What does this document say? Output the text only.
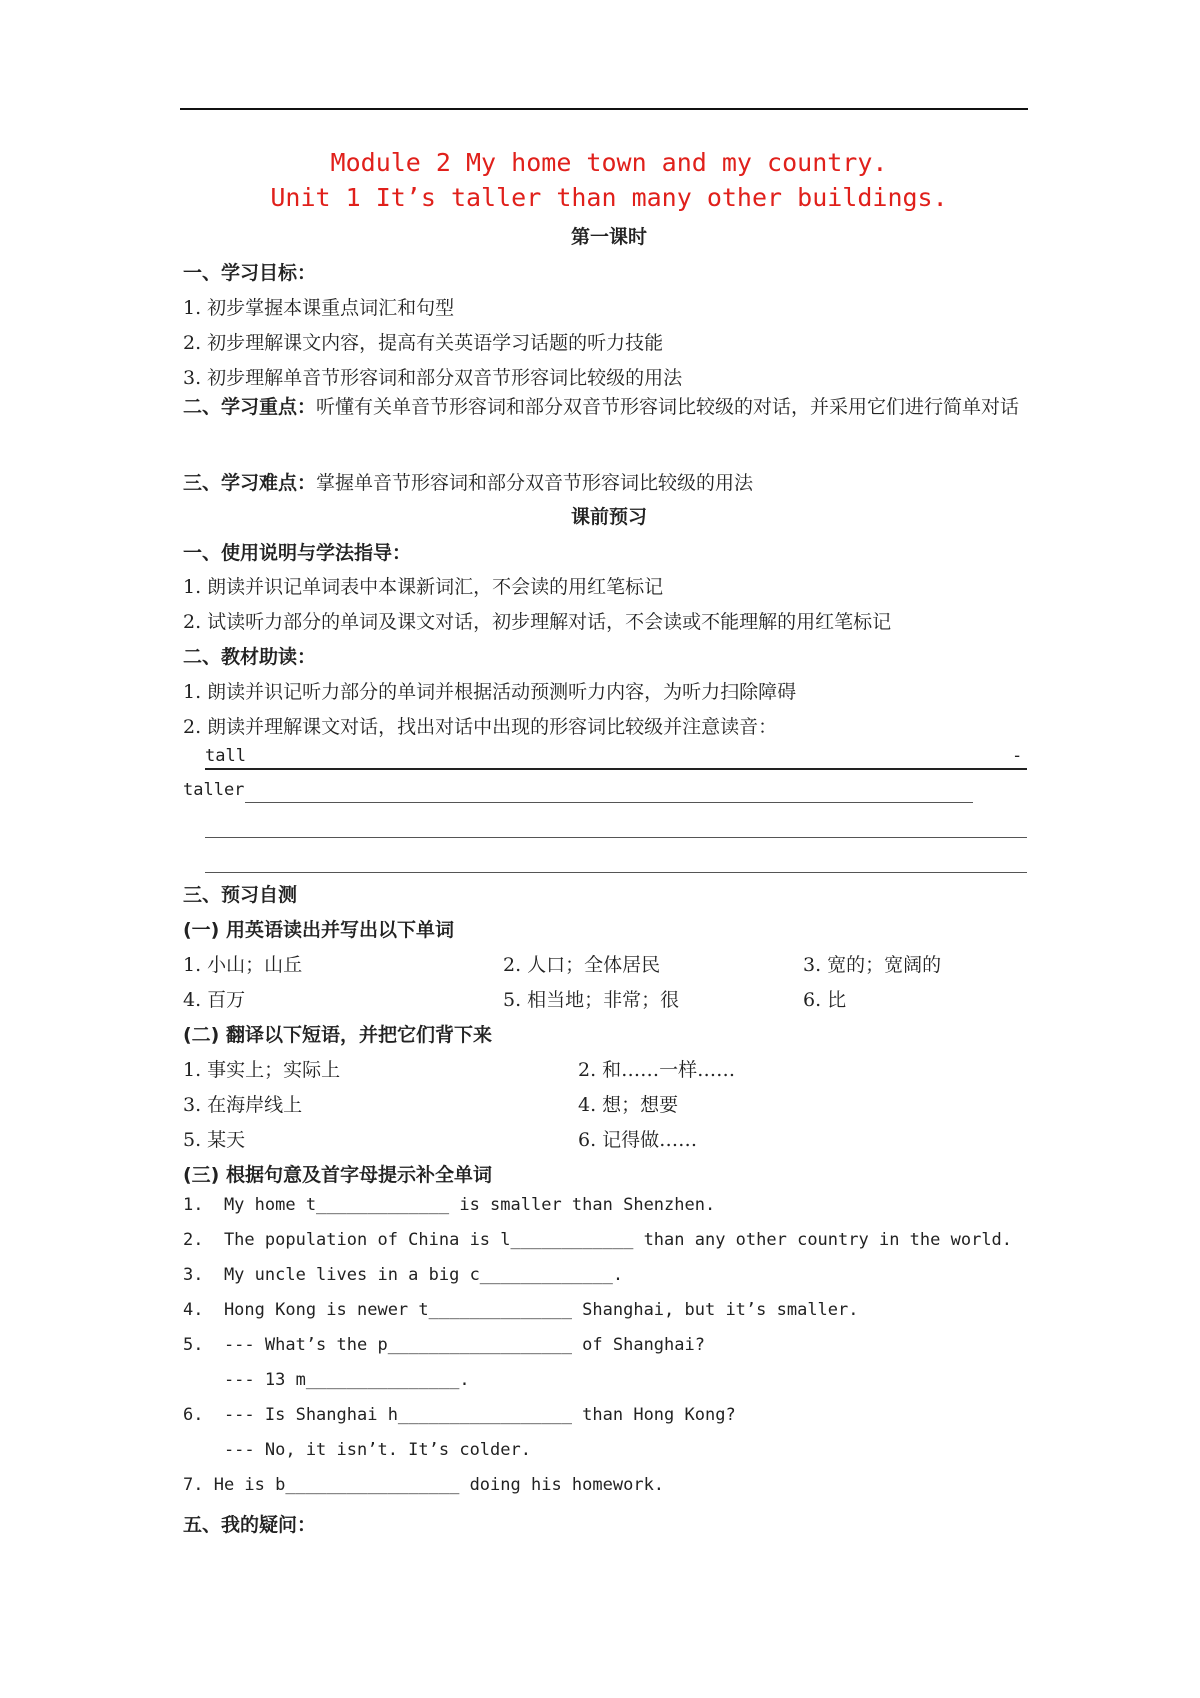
Module 2 My home town and my country.
Unit 1 It’s taller than many other buildings.
第一课时
一、学习目标：
1. 初步掌握本课重点词汇和句型
2. 初步理解课文内容，提高有关英语学习话题的听力技能
3. 初步理解单音节形容词和部分双音节形容词比较级的用法
二、学习重点：听懂有关单音节形容词和部分双音节形容词比较级的对话，并采用它们进行简单对话
三、学习难点：掌握单音节形容词和部分双音节形容词比较级的用法
课前预习
一、使用说明与学法指导：
1. 朗读并识记单词表中本课新词汇，不会读的用红笔标记
2. 试读听力部分的单词及课文对话，初步理解对话，不会读或不能理解的用红笔标记
二、教材助读：
1. 朗读并识记听力部分的单词并根据活动预测听力内容，为听力扫除障碍
2. 朗读并理解课文对话，找出对话中出现的形容词比较级并注意读音：
tall	-
taller
三、预习自测
(一) 用英语读出并写出以下单词
1. 小山；山丘	2. 人口；全体居民	3. 宽的；宽阔的
4. 百万	5. 相当地；非常；很	6. 比
(二) 翻译以下短语，并把它们背下来
1. 事实上；实际上	2. 和……一样……
3. 在海岸线上	4. 想；想要
5. 某天	6. 记得做……
(三) 根据句意及首字母提示补全单词
1.  My home t_____________ is smaller than Shenzhen.
2.  The population of China is l____________ than any other country in the world.
3.  My uncle lives in a big c_____________.
4.  Hong Kong is newer t______________ Shanghai, but it’s smaller.
5.  --- What’s the p__________________ of Shanghai?
--- 13 m_______________.
6.  --- Is Shanghai h_________________ than Hong Kong?
--- No, it isn’t. It’s colder.
7. He is b_________________ doing his homework.
五、我的疑问：
